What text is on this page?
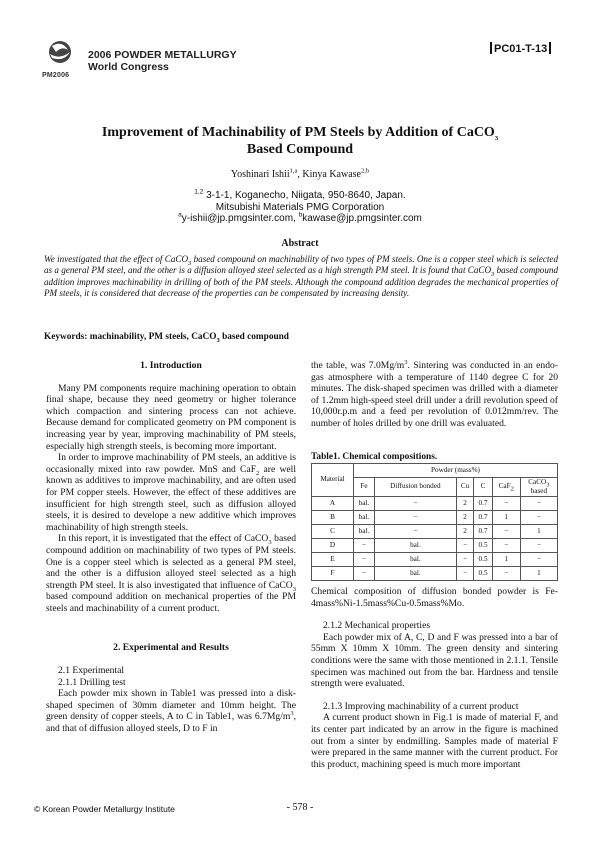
PM2006
2006 POWDER METALLURGY
World Congress
PC01-T-13
Improvement of Machinability of PM Steels by Addition of CaCO$_3$
Based Compound
Yoshinari Ishii$^{1,a}$, Kinya Kawase$^{2,b}$
$^{1,2}$ 3-1-1, Koganecho, Niigata, 950-8640, Japan.
Mitsubishi Materials PMG Corporation
$^a$y-ishii@jp.pmgsinter.com, $^b$kawase@jp.pmgsinter.com
Abstract
We investigated that the effect of CaCO$_3$ based compound on machinability of two types of PM steels. One is a copper steel which is selected as a general PM steel, and the other is a diffusion alloyed steel selected as a high strength PM steel. It is found that CaCO$_3$ based compound addition improves machinability in drilling of both of the PM steels. Although the compound addition degrades the mechanical properties of PM steels, it is considered that decrease of the properties can be compensated by increasing density.
Keywords: machinability, PM steels, CaCO$_3$ based compound
1. Introduction

Many PM components require machining operation to obtain final shape, because they need geometry or higher tolerance which compaction and sintering process can not achieve. Because demand for complicated geometry on PM component is increasing year by year, improving machinability of PM steels, especially high strength steels, is becoming more important.

In order to improve machinability of PM steels, an additive is occasionally mixed into raw powder. MnS and CaF$_2$ are well known as additives to improve machinability, and are often used for PM copper steels. However, the effect of these additives are insufficient for high strength steel, such as diffusion alloyed steels, it is desired to develope a new additive which improves machinability of high strength steels.

In this report, it is investigated that the effect of CaCO$_3$ based compound addition on machinability of two types of PM steels. One is a copper steel which is selected as a general PM steel, and the other is a diffusion alloyed steel selected as a high strength PM steel. It is also investigated that influence of CaCO$_3$ based compound addition on mechanical properties of the PM steels and machinability of a current product.

2. Experimental and Results

2.1 Experimental

2.1.1 Drilling test

Each powder mix shown in Table1 was pressed into a disk-shaped specimen of 30mm diameter and 10mm height. The green density of copper steels, A to C in Table1, was $6.7Mg/m^3$, and that of diffusion alloyed steels, D to F in

the table, was $7.0Mg/m^3$. Sintering was conducted in an endo-gas atmosphere with a temperature of 1140 degree C for 20 minutes. The disk-shaped specimen was drilled with a diameter of 1.2mm high-speed steel drill under a drill revolution speed of 10,000r.p.m and a feed per revolution of 0.012mm/rev. The number of holes drilled by one drill was evaluated.

Table1. Chemical compositions.
Material	Powder (mass%)					
	Fe	Diffusion bonded	Cu	C	CaF$_2$	CaCO$_3$
based
A	bal.	−	2	0.7	−	−
B	bal.	−	2	0.7	1	−
C	bal.	−	2	0.7	−	1
D	−	bal.	−	0.5	−	−
E	−	bal.	−	0.5	1	−
F	−	bal.	−	0.5	−	1

Chemical composition of diffusion bonded powder is Fe-4mass%Ni-1.5mass%Cu-0.5mass%Mo.

2.1.2 Mechanical properties

Each powder mix of A, C, D and F was pressed into a bar of 55mm X 10mm X 10mm. The green density and sintering conditions were the same with those mentioned in 2.1.1. Tensile specimen was machined out from the bar. Hardness and tensile strength were evaluated.

2.1.3 Improving machinability of a current product

A current product shown in Fig.1 is made of material F, and its center part indicated by an arrow in the figure is machined out from a sinter by endmilling. Samples made of material F were prepared in the same manner with the current product. For this product, machining speed is much more important

© Korean Powder Metallurgy Institute	- 578 -
